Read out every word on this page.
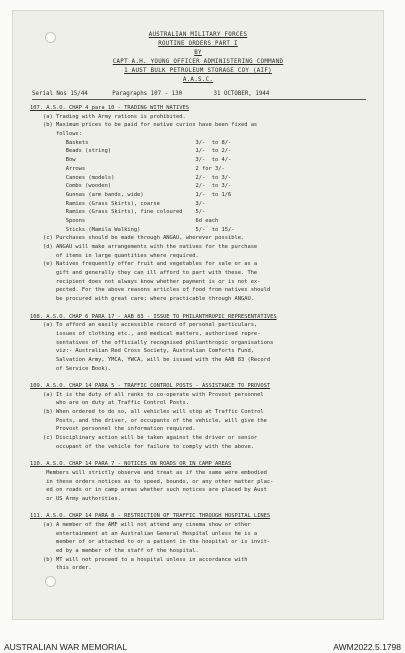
AUSTRALIAN MILITARY FORCES
ROUTINE ORDERS PART I
BY
CAPT A.H. YOUNG OFFICER ADMINISTERING COMMAND
1 AUST BULK PETROLEUM STORAGE COY (AIF)
A.A.S.C.
Serial Nos 15/44       Paragraphs 107 - 130         31 OCTOBER, 1944
107. A.S.O. CHAP 4 para 10 - TRADING WITH NATIVES
(a) Trading with Army rations is prohibited.
(b) Maximum prices to be paid for native curios have been fixed as
follows:
Baskets                                 3/-  to 8/-
Beads (string)                          1/-  to 2/-
Bow                                     3/-  to 4/-
Arrows                                  2 for 3/-
Canoes (models)                         2/-  to 3/-
Combs (wooden)                          2/-  to 3/-
Gunnas (arm bands, wide)                1/-  to 1/6
Ramies (Grass Skirts), coarse           3/-
Ramies (Grass Skirts), fine coloured    5/-
Spoons                                  6d each
Sticks (Mamila Walking)                 5/-  to 15/-
(c) Purchases should be made through ANGAU, wherever possible.
(d) ANGAU will make arrangements with the natives for the purchase
of items in large quantities where required.
(e) Natives frequently offer fruit and vegetables for sale or as a
gift and generally they can ill afford to part with these. The
recipient does not always know whether payment is or is not ex-
pected. For the above reasons articles of food from natives should
be procured with great care; where practicable through ANGAU.
108. A.S.O. CHAP 6 PARA 17 - AAB 83 - ISSUE TO PHILANTHROPIC REPRESENTATIVES
(a) To afford an easily accessible record of personal particulars,
issues of clothing etc., and medical matters, authorised repre-
sentatives of the officially recognised philanthropic organisations
viz:- Australian Red Cross Society, Australian Comforts Fund,
Salvation Army, YMCA, YWCA, will be issued with the AAB 83 (Record
of Service Book).
109. A.S.O. CHAP 14 PARA 5 - TRAFFIC CONTROL POSTS - ASSISTANCE TO PROVOST
(a) It is the duty of all ranks to co-operate with Provost personnel
who are on duty at Traffic Control Posts.
(b) When ordered to do so, all vehicles will stop at Traffic Control
Posts, and the driver, or occupants of the vehicle, will give the
Provost personnel the information required.
(c) Disciplinary action will be taken against the driver or senior
occupant of the vehicle for failure to comply with the above.
110. A.S.O. CHAP 14 PARA 7 - NOTICES ON ROADS OR IN CAMP AREAS
Members will strictly observe and treat as if the same were embodied
in these orders notices as to speed, bounds, or any other matter plac-
ed on roads or in camp areas whether such notices are placed by Aust
or US Army authorities.
111. A.S.O. CHAP 14 PARA 8 - RESTRICTION OF TRAFFIC THROUGH HOSPITAL LINES
(a) A member of the AMF will not attend any cinema show or other
entertainment at an Australian General Hospital unless he is a
member of or attached to or a patient in the hospital or is invit-
ed by a member of the staff of the hospital.
(b) MT will not proceed to a hospital unless in accordance with
this order.
AUSTRALIAN WAR MEMORIAL	AWM2022.5.1798
